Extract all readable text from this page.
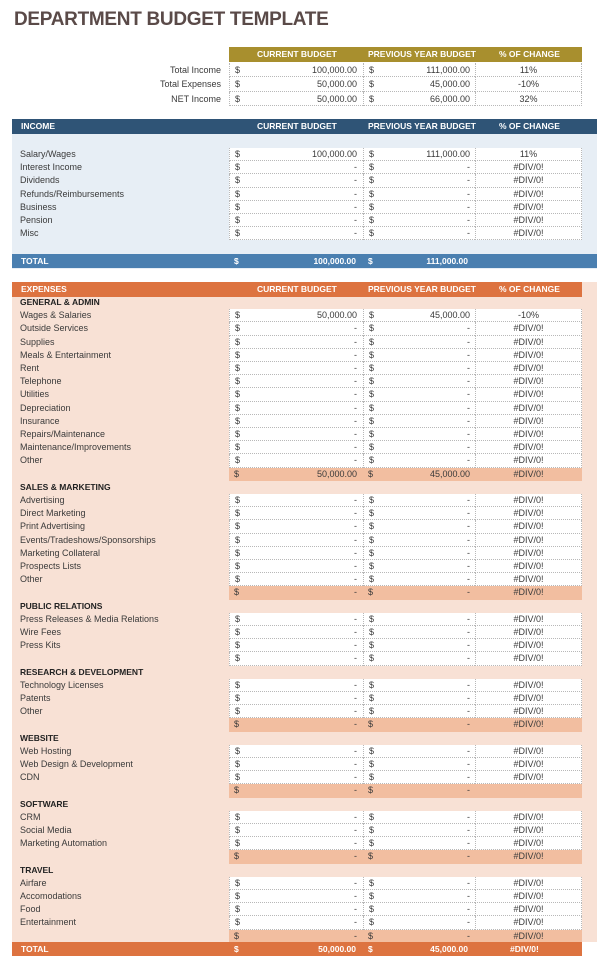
DEPARTMENT BUDGET TEMPLATE
CURRENT BUDGET	PREVIOUS YEAR BUDGET	% OF CHANGE
Total Income $	100,000.00 $	111,000.00	11%
Total Expenses $	50,000.00 $	45,000.00	-10%
NET Income $	50,000.00 $	66,000.00	32%
INCOME	CURRENT BUDGET	PREVIOUS YEAR BUDGET	% OF CHANGE
Salary/Wages	$	100,000.00 $	111,000.00	11%
Interest Income	$	- $	-	#DIV/0!
Dividends	$	- $	-	#DIV/0!
Refunds/Reimbursements	$	- $	-	#DIV/0!
Business	$	- $	-	#DIV/0!
Pension	$	- $	-	#DIV/0!
Misc	$	- $	-	#DIV/0!
TOTAL	$	100,000.00 $	111,000.00
EXPENSES	CURRENT BUDGET	PREVIOUS YEAR BUDGET	% OF CHANGE
GENERAL & ADMIN
Wages & Salaries	$	50,000.00 $	45,000.00	-10%
Outside Services	$	- $	-	#DIV/0!
Supplies	$	- $	-	#DIV/0!
Meals & Entertainment	$	- $	-	#DIV/0!
Rent	$	- $	-	#DIV/0!
Telephone	$	- $	-	#DIV/0!
Utilities	$	- $	-	#DIV/0!
Depreciation	$	- $	-	#DIV/0!
Insurance	$	- $	-	#DIV/0!
Repairs/Maintenance	$	- $	-	#DIV/0!
Maintenance/Improvements	$	- $	-	#DIV/0!
Other	$	- $	-	#DIV/0!
$	50,000.00 $	45,000.00	#DIV/0!
SALES & MARKETING
Advertising	$	- $	-	#DIV/0!
Direct Marketing	$	- $	-	#DIV/0!
Print Advertising	$	- $	-	#DIV/0!
Events/Tradeshows/Sponsorships	$	- $	-	#DIV/0!
Marketing Collateral	$	- $	-	#DIV/0!
Prospects Lists	$	- $	-	#DIV/0!
Other	$	- $	-	#DIV/0!
$	- $	-	#DIV/0!
PUBLIC RELATIONS
Press Releases & Media Relations	$	- $	-	#DIV/0!
Wire Fees	$	- $	-	#DIV/0!
Press Kits	$	- $	-	#DIV/0!
$	- $	-	#DIV/0!
RESEARCH & DEVELOPMENT
Technology Licenses	$	- $	-	#DIV/0!
Patents	$	- $	-	#DIV/0!
Other	$	- $	-	#DIV/0!
$	- $	-	#DIV/0!
WEBSITE
Web Hosting	$	- $	-	#DIV/0!
Web Design & Development	$	- $	-	#DIV/0!
CDN	$	- $	-	#DIV/0!
$	- $	-
SOFTWARE
CRM	$	- $	-	#DIV/0!
Social Media	$	- $	-	#DIV/0!
Marketing Automation	$	- $	-	#DIV/0!
$	- $	-	#DIV/0!
TRAVEL
Airfare	$	- $	-	#DIV/0!
Accomodations	$	- $	-	#DIV/0!
Food	$	- $	-	#DIV/0!
Entertainment	$	- $	-	#DIV/0!
$	- $	-	#DIV/0!
TOTAL	$	50,000.00 $	45,000.00	#DIV/0!
